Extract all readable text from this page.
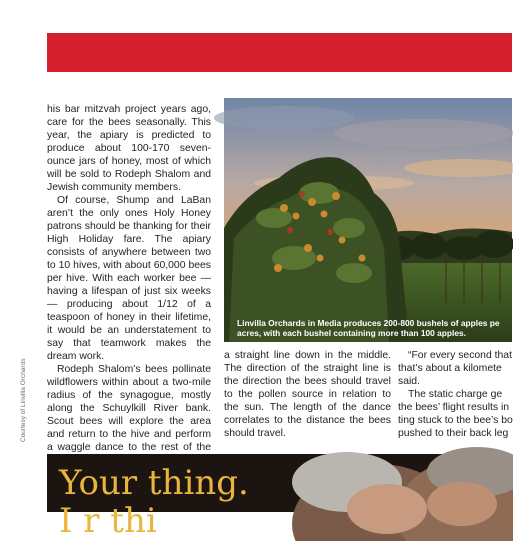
his bar mitzvah project years ago, care for the bees seasonally. This year, the apiary is predicted to produce about 100-170 seven-ounce jars of honey, most of which will be sold to Rodeph Shalom and Jewish community members.

Of course, Shump and LaBan aren’t the only ones Holy Honey patrons should be thanking for their High Holiday fare. The apiary consists of anywhere between two to 10 hives, with about 60,000 bees per hive. With each worker bee — having a lifespan of just six weeks — producing about 1/12 of a teaspoon of honey in their lifetime, it would be an understatement to say that teamwork makes the dream work.

Rodeph Shalom’s bees pollinate wildflowers within about a two-mile radius of the synagogue, mostly along the Schuylkill River bank. Scout bees will explore the area and return to the hive and perform a waggle dance to the rest of the

Courtesy of Linvilla Orchards
Linvilla Orchards in Media produces 200-800 bushels of apples pe
acres, with each bushel containing more than 100 apples.

a straight line down in the middle. The direction of the straight line is the direction the bees should travel to the pollen source in relation to the sun. The length of the dance correlates to the distance the bees should travel.

“For every second that

that’s about a kilomete

said.

The static charge ge

the bees’ flight results in

ting stuck to the bee’s bo

pushed to their back leg

Your thing.
I r thi
